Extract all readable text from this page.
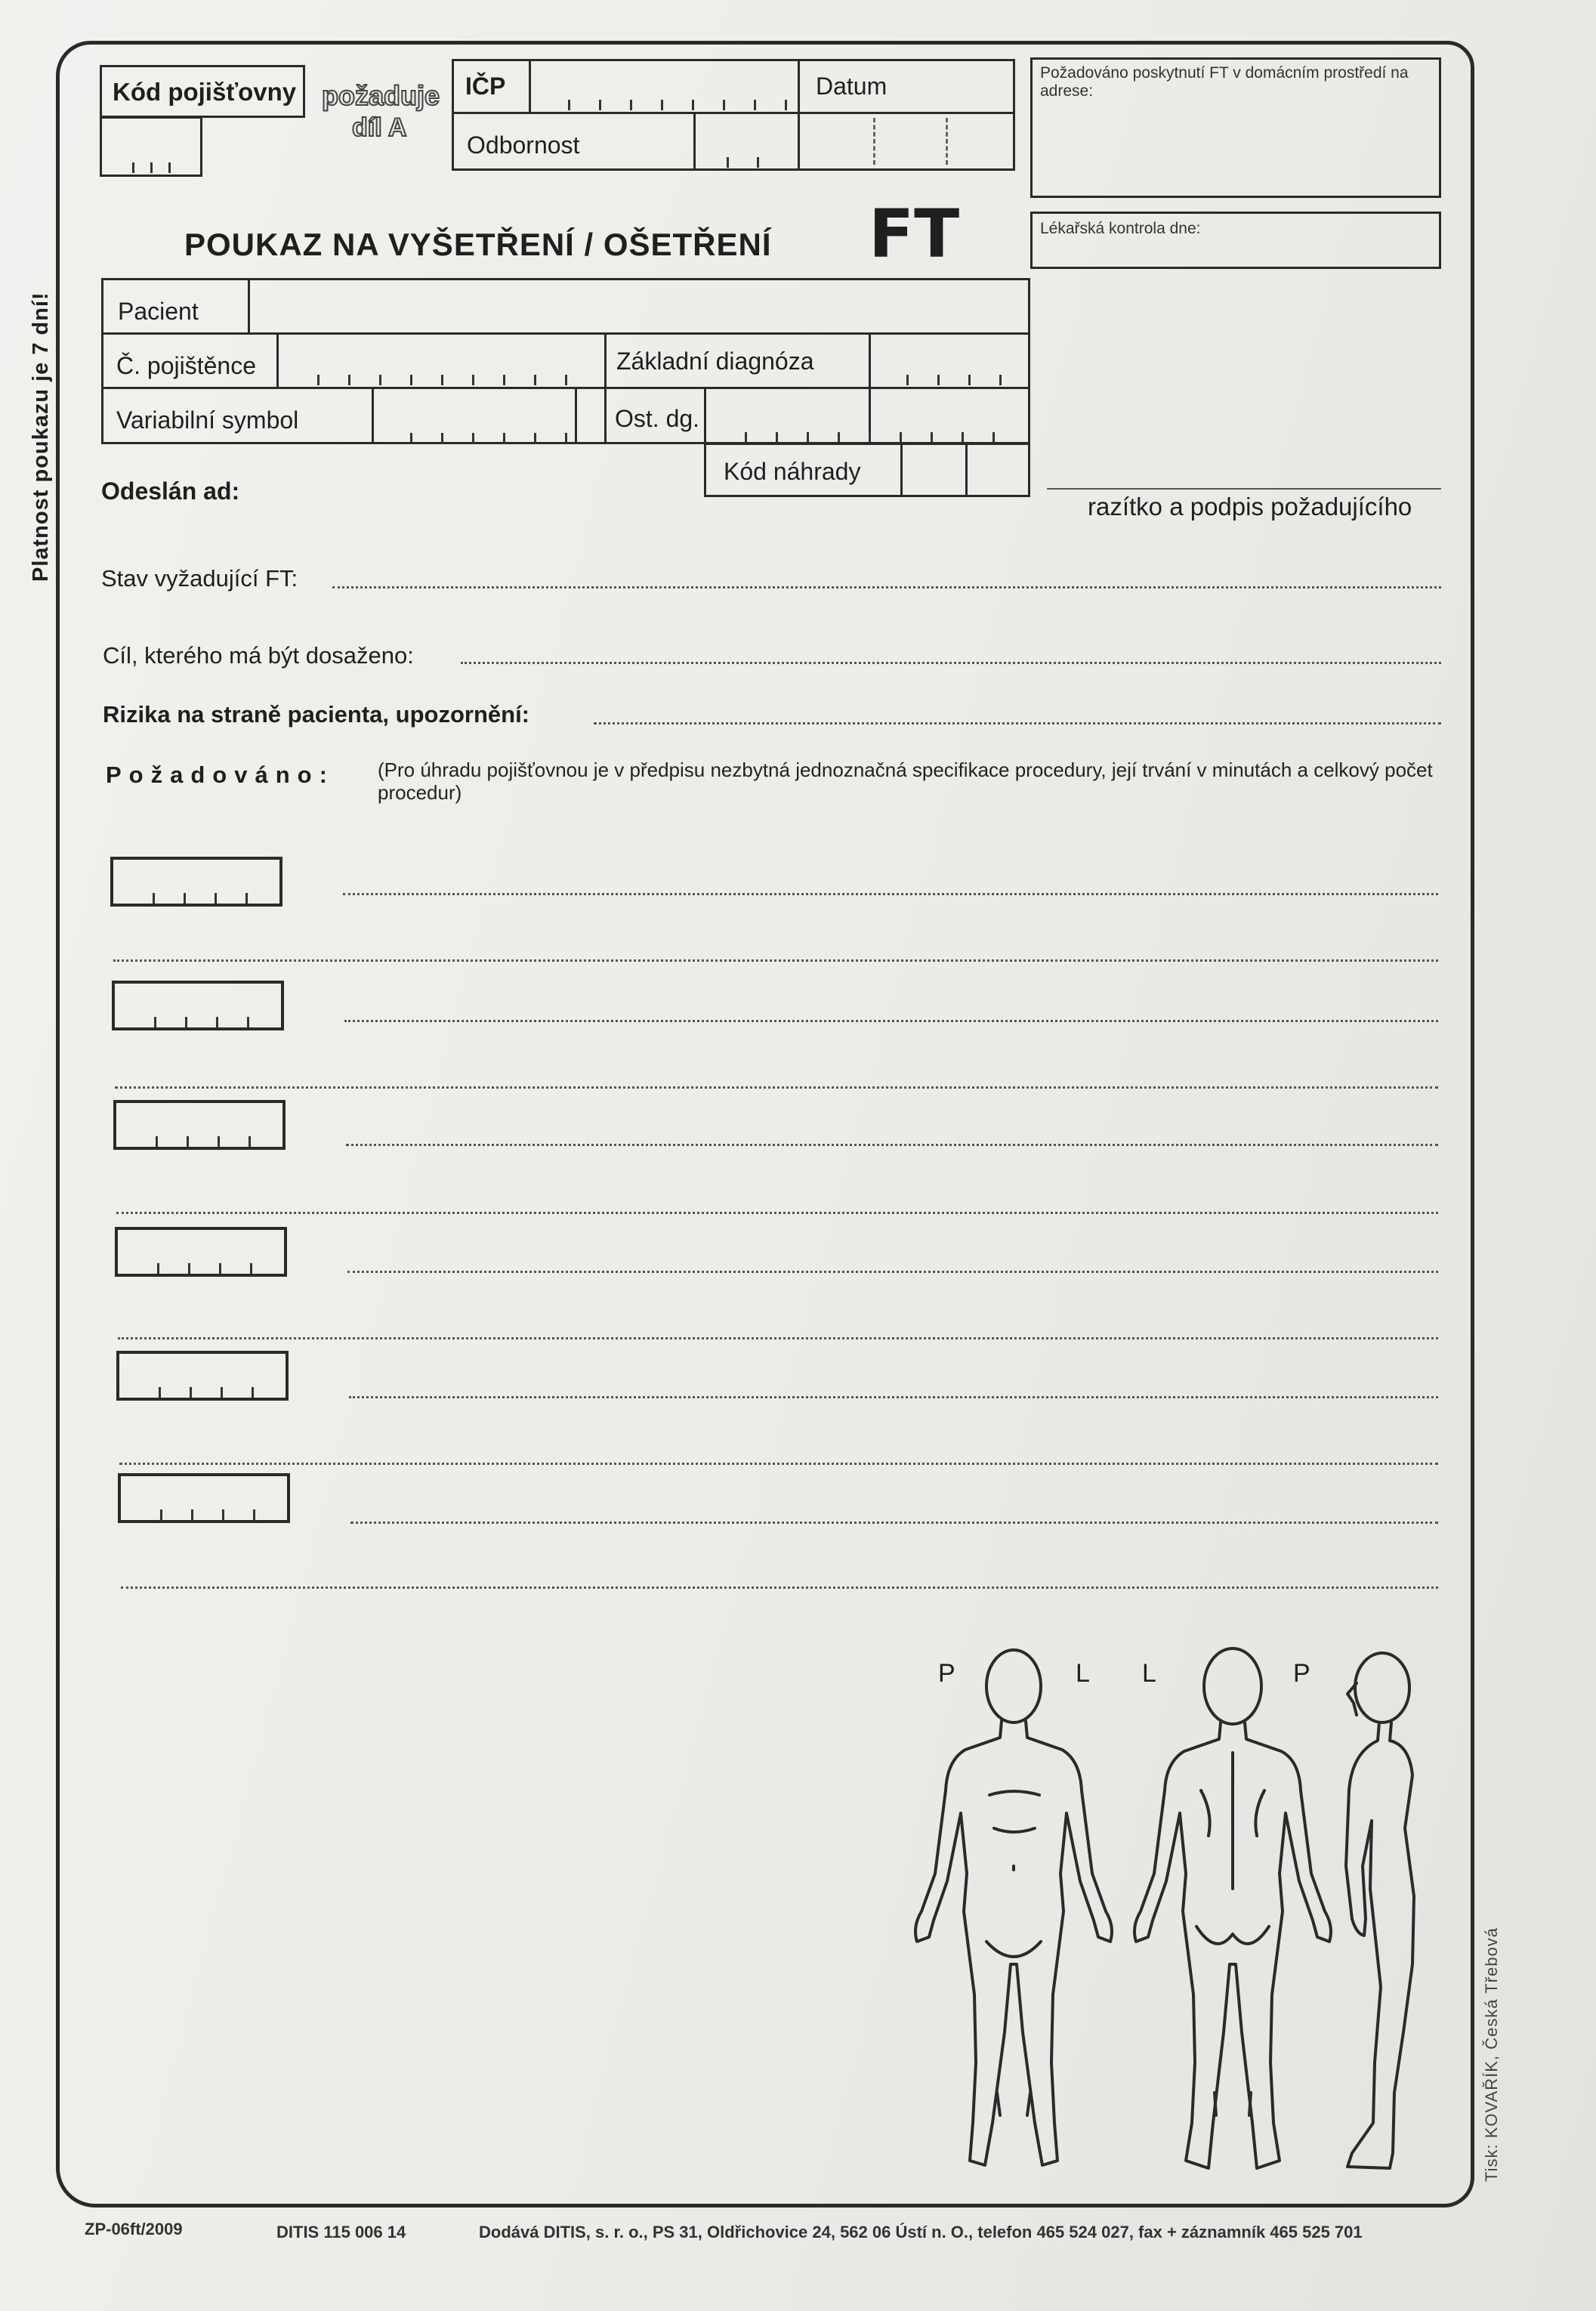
Platnost poukazu je 7 dní!
Kód pojišťovny požaduje
díl A
IČP	Datum
Odbornost
Požadováno poskytnutí FT v domácním prostředí na adrese:
POUKAZ NA VYŠETŘENÍ / OŠETŘENÍ FT	Lékařská kontrola dne:
Pacient
Č. pojištěnce	Základní diagnóza
Variabilní symbol	Ost. dg.
Kód náhrady
Odeslán ad:
razítko a podpis požadujícího
Stav vyžadující FT:
Cíl, kterého má být dosaženo:
Rizika na straně pacienta, upozornění:
Požadováno: (Pro úhradu pojišťovnou je v předpisu nezbytná jednoznačná specifikace procedury, její trvání v minutách a celkový počet procedur)
P	L L	P
Tisk: KOVAŘÍK, Česká Třebová
ZP-06ft/2009	DITIS 115 006 14	Dodává DITIS, s. r. o., PS 31, Oldřichovice 24, 562 06 Ústí n. O., telefon 465 524 027, fax + záznamník 465 525 701
